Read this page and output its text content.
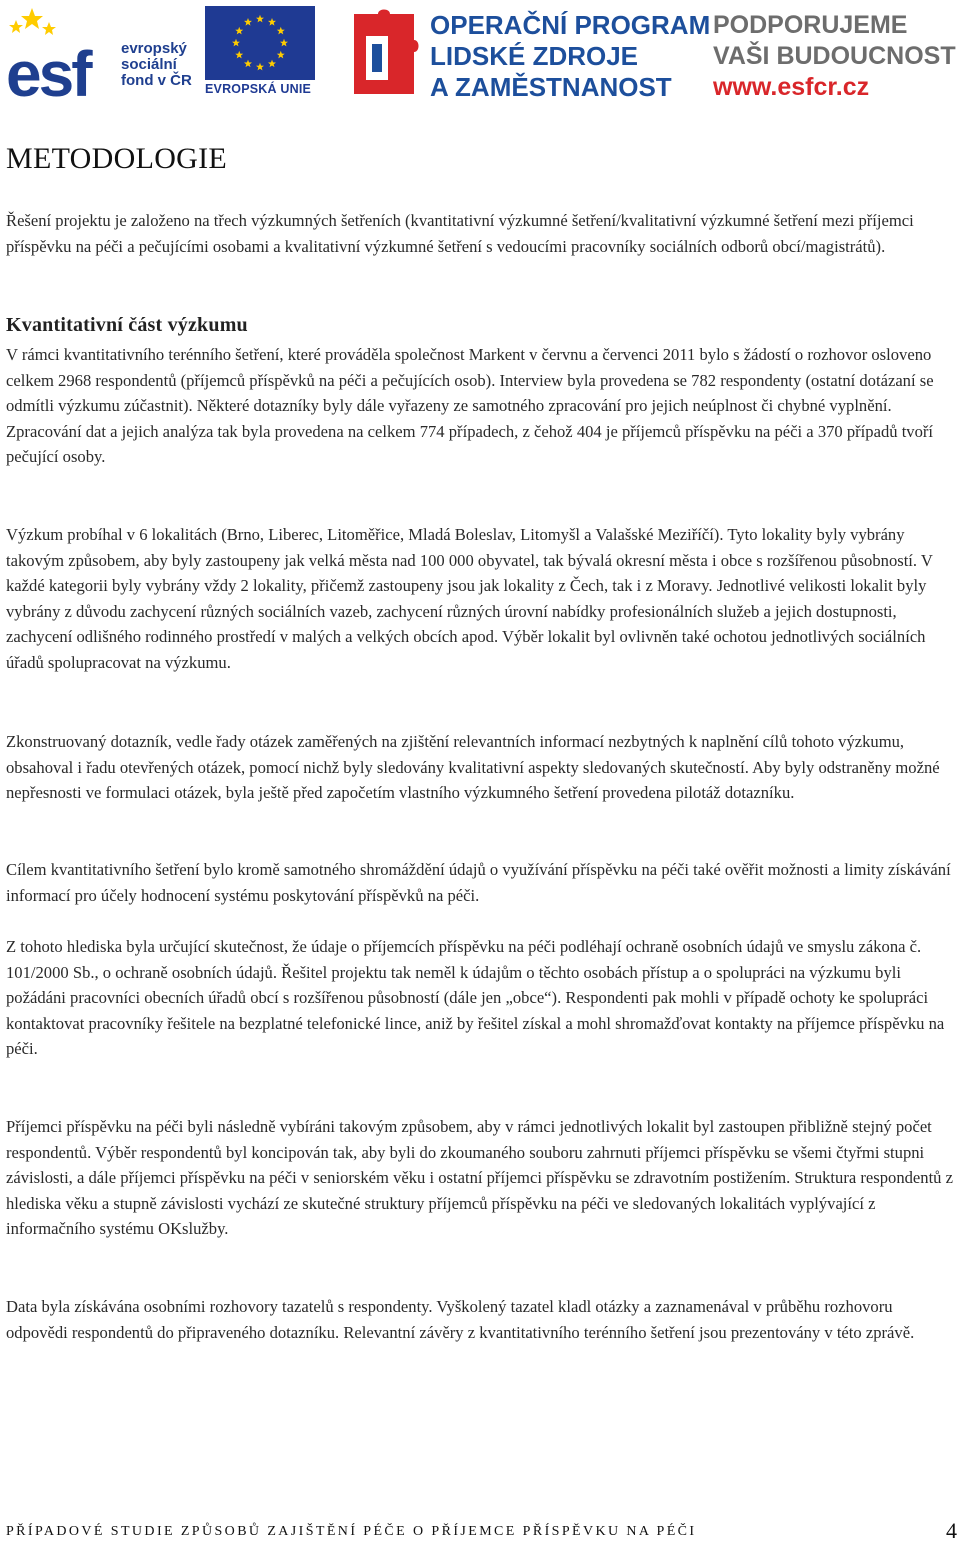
esf evropský
sociální
fond v ČR EVROPSKÁ UNIE
OPERAČNÍ PROGRAM
LIDSKÉ ZDROJE
A ZAMĚSTNANOST
PODPORUJEME
VAŠI BUDOUCNOST
www.esfcr.cz
METODOLOGIE

Řešení projektu je založeno na třech výzkumných šetřeních (kvantitativní výzkumné šetření/kvalitativní výzkumné šetření mezi příjemci příspěvku na péči a pečujícími osobami a kvalitativní výzkumné šetření s vedoucími pracovníky sociálních odborů obcí/magistrátů).

Kvantitativní část výzkumu

V rámci kvantitativního terénního šetření, které prováděla společnost Markent v červnu a červenci 2011 bylo s žádostí o rozhovor osloveno celkem 2968 respondentů (příjemců příspěvků na péči a pečujících osob). Interview byla provedena se 782 respondenty (ostatní dotázaní se odmítli výzkumu zúčastnit). Některé dotazníky byly dále vyřazeny ze samotného zpracování pro jejich neúplnost či chybné vyplnění. Zpracování dat a jejich analýza tak byla provedena na celkem 774 případech, z čehož 404 je příjemců příspěvku na péči a 370 případů tvoří pečující osoby.

Výzkum probíhal v 6 lokalitách (Brno, Liberec, Litoměřice, Mladá Boleslav, Litomyšl a Valašské Meziříčí). Tyto lokality byly vybrány takovým způsobem, aby byly zastoupeny jak velká města nad 100 000 obyvatel, tak bývalá okresní města i obce s rozšířenou působností. V každé kategorii byly vybrány vždy 2 lokality, přičemž zastoupeny jsou jak lokality z Čech, tak i z Moravy. Jednotlivé velikosti lokalit byly vybrány z důvodu zachycení různých sociálních vazeb, zachycení různých úrovní nabídky profesionálních služeb a jejich dostupnosti, zachycení odlišného rodinného prostředí v malých a velkých obcích apod. Výběr lokalit byl ovlivněn také ochotou jednotlivých sociálních úřadů spolupracovat na výzkumu.

Zkonstruovaný dotazník, vedle řady otázek zaměřených na zjištění relevantních informací nezbytných k naplnění cílů tohoto výzkumu, obsahoval i řadu otevřených otázek, pomocí nichž byly sledovány kvalitativní aspekty sledovaných skutečností. Aby byly odstraněny možné nepřesnosti ve formulaci otázek, byla ještě před započetím vlastního výzkumného šetření provedena pilotáž dotazníku.

Cílem kvantitativního šetření bylo kromě samotného shromáždění údajů o využívání příspěvku na péči také ověřit možnosti a limity získávání informací pro účely hodnocení systému poskytování příspěvků na péči.

Z tohoto hlediska byla určující skutečnost, že údaje o příjemcích příspěvku na péči podléhají ochraně osobních údajů ve smyslu zákona č. 101/2000 Sb., o ochraně osobních údajů. Řešitel projektu tak neměl k údajům o těchto osobách přístup a o spolupráci na výzkumu byli požádáni pracovníci obecních úřadů obcí s rozšířenou působností (dále jen „obce“). Respondenti pak mohli v případě ochoty ke spolupráci kontaktovat pracovníky řešitele na bezplatné telefonické lince, aniž by řešitel získal a mohl shromažďovat kontakty na příjemce příspěvku na péči.

Příjemci příspěvku na péči byli následně vybíráni takovým způsobem, aby v rámci jednotlivých lokalit byl zastoupen přibližně stejný počet respondentů. Výběr respondentů byl koncipován tak, aby byli do zkoumaného souboru zahrnuti příjemci příspěvku se všemi čtyřmi stupni závislosti, a dále příjemci příspěvku na péči v seniorském věku i ostatní příjemci příspěvku se zdravotním postižením. Struktura respondentů z hlediska věku a stupně závislosti vychází ze skutečné struktury příjemců příspěvku na péči ve sledovaných lokalitách vyplývající z informačního systému OKslužby.

Data byla získávána osobními rozhovory tazatelů s respondenty. Vyškolený tazatel kladl otázky a zaznamenával v průběhu rozhovoru odpovědi respondentů do připraveného dotazníku. Relevantní závěry z kvantitativního terénního šetření jsou prezentovány v této zprávě.

PŘÍPADOVÉ STUDIE ZPŮSOBŮ ZAJIŠTĚNÍ PÉČE O PŘÍJEMCE PŘÍSPĚVKU NA PÉČI	4
